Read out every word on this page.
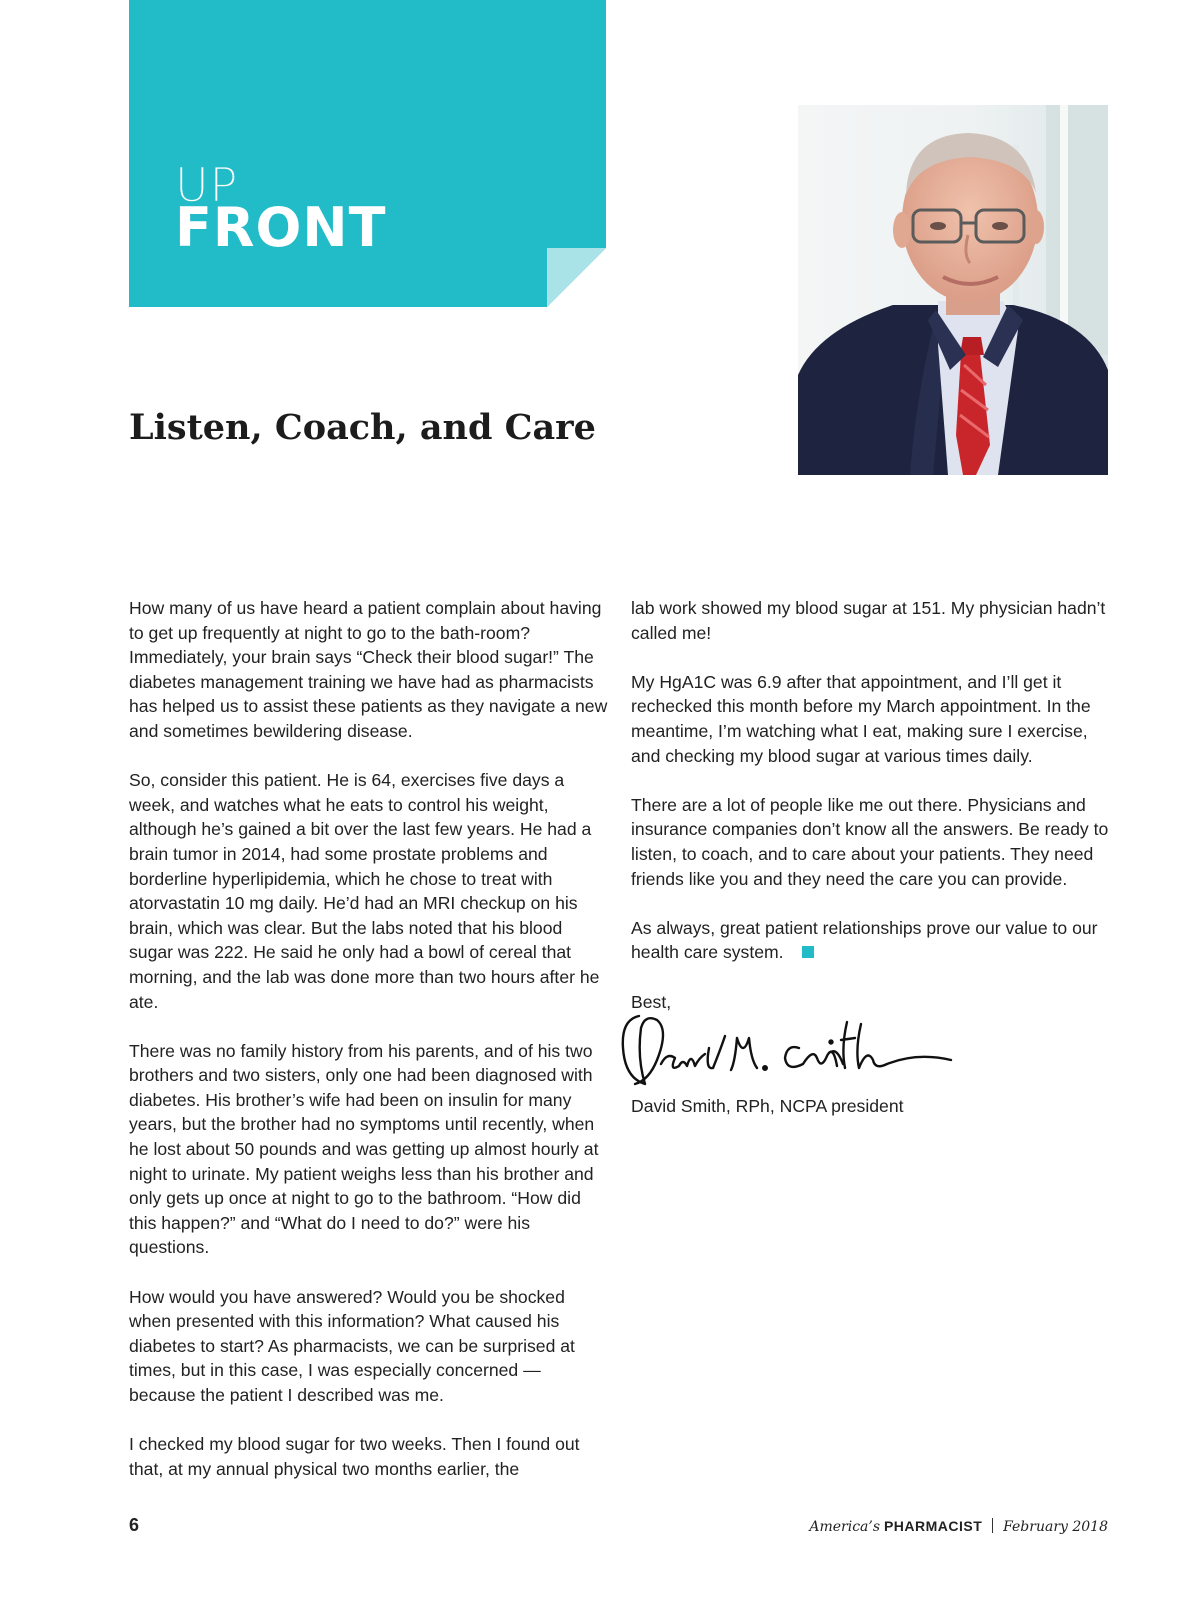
UP
FRONT
Listen, Coach, and Care

How many of us have heard a patient complain about having to get up frequently at night to go to the bath-room? Immediately, your brain says “Check their blood sugar!” The diabetes management training we have had as pharmacists has helped us to assist these patients as they navigate a new and sometimes bewildering disease.

So, consider this patient. He is 64, exercises five days a week, and watches what he eats to control his weight, although he’s gained a bit over the last few years. He had a brain tumor in 2014, had some prostate problems and borderline hyperlipidemia, which he chose to treat with atorvastatin 10 mg daily. He’d had an MRI checkup on his brain, which was clear. But the labs noted that his blood sugar was 222. He said he only had a bowl of cereal that morning, and the lab was done more than two hours after he ate.

There was no family history from his parents, and of his two brothers and two sisters, only one had been diagnosed with diabetes. His brother’s wife had been on insulin for many years, but the brother had no symptoms until recently, when he lost about 50 pounds and was getting up almost hourly at night to urinate. My patient weighs less than his brother and only gets up once at night to go to the bathroom. “How did this happen?” and “What do I need to do?” were his questions.

How would you have answered? Would you be shocked when presented with this information? What caused his diabetes to start? As pharmacists, we can be surprised at times, but in this case, I was especially concerned — because the patient I described was me.

I checked my blood sugar for two weeks. Then I found out that, at my annual physical two months earlier, the

lab work showed my blood sugar at 151. My physician hadn’t called me!

My HgA1C was 6.9 after that appointment, and I’ll get it rechecked this month before my March appointment. In the meantime, I’m watching what I eat, making sure I exercise, and checking my blood sugar at various times daily.

There are a lot of people like me out there. Physicians and insurance companies don’t know all the answers. Be ready to listen, to coach, and to care about your patients. They need friends like you and they need the care you can provide.

As always, great patient relationships prove our value to our health care system.

Best,

David Smith, RPh, NCPA president

6	America’s PHARMACIST February 2018
